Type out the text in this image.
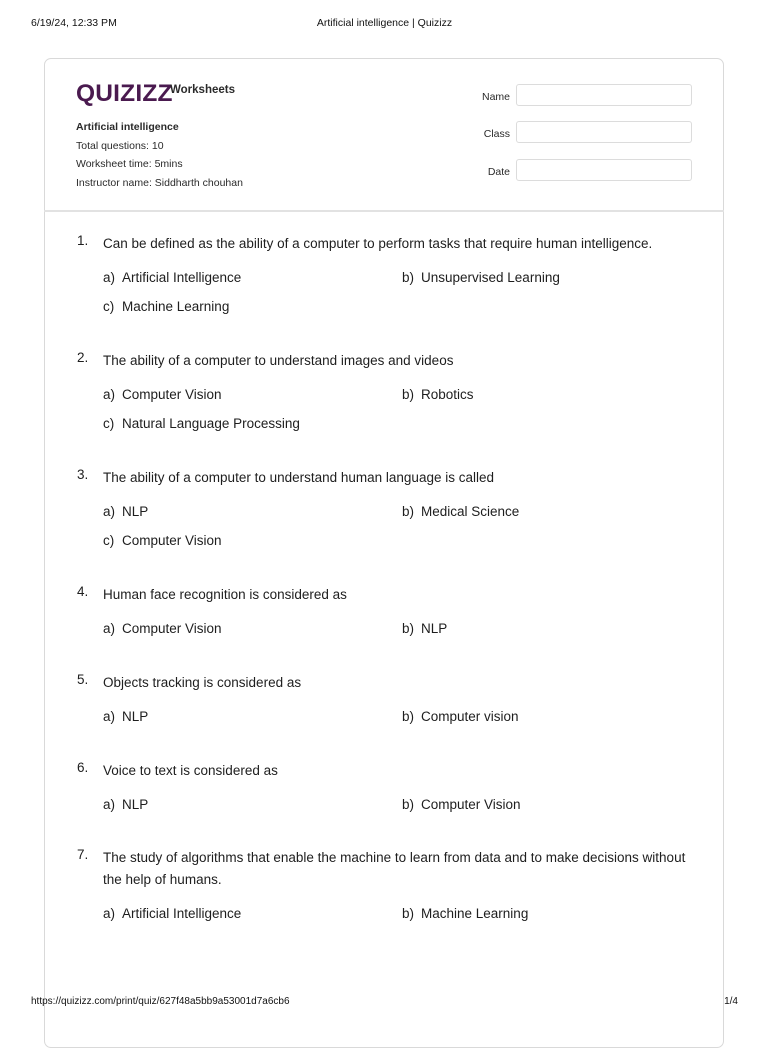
6/19/24, 12:33 PM	Artificial intelligence | Quizizz
QUIZIZZ
Worksheets
Artificial intelligence
Total questions: 10
Worksheet time: 5mins
Instructor name: Siddharth chouhan
Name
Class
Date
1. Can be defined as the ability of a computer to perform tasks that require human intelligence.
a) Artificial Intelligence	b) Unsupervised Learning
c) Machine Learning
2. The ability of a computer to understand images and videos
a) Computer Vision	b) Robotics
c) Natural Language Processing
3. The ability of a computer to understand human language is called
a) NLP	b) Medical Science
c) Computer Vision
4. Human face recognition is considered as
a) Computer Vision	b) NLP
5. Objects tracking is considered as
a) NLP	b) Computer vision
6. Voice to text is considered as
a) NLP	b) Computer Vision
7. The study of algorithms that enable the machine to learn from data and to make decisions without the help of humans.
a) Artificial Intelligence	b) Machine Learning
https://quizizz.com/print/quiz/627f48a5bb9a53001d7a6cb6	1/4
